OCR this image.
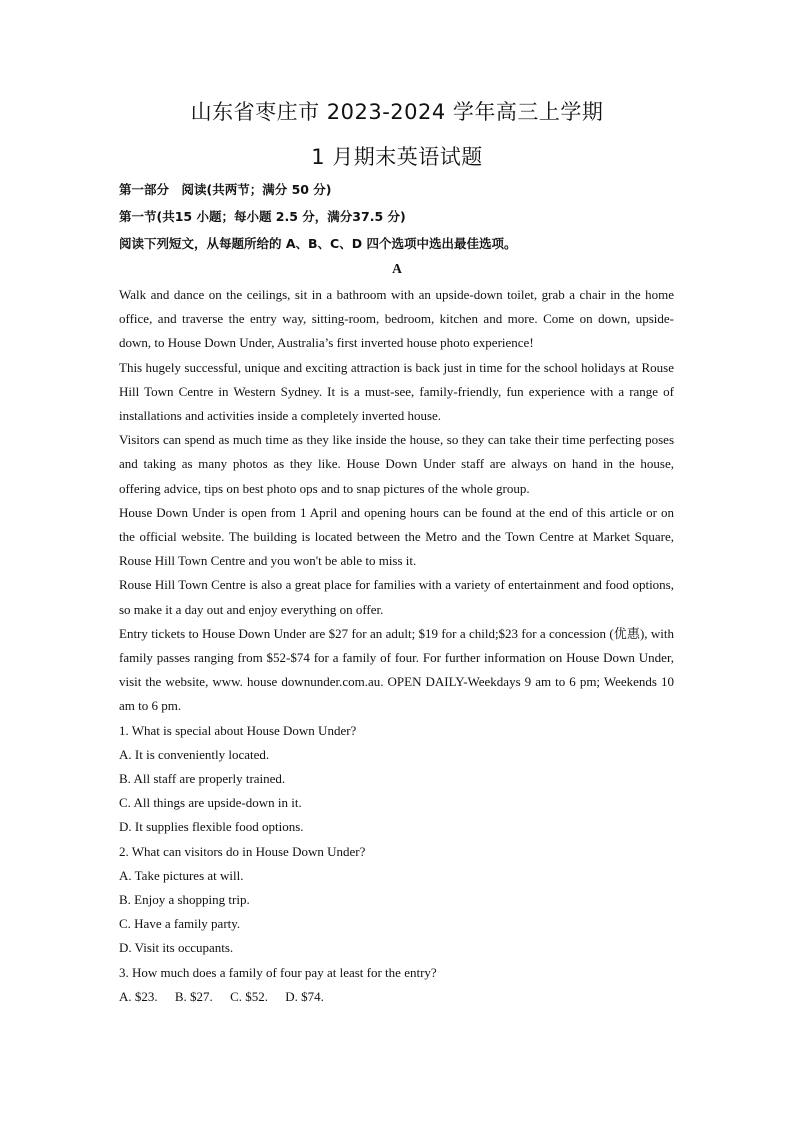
山东省枣庄市 2023-2024 学年高三上学期
1 月期末英语试题
第一部分　阅读(共两节；满分 50 分)
第一节(共15 小题；每小题 2.5 分，满分37.5 分)
阅读下列短文，从每题所给的 A、B、C、D 四个选项中选出最佳选项。
A

Walk and dance on the ceilings, sit in a bathroom with an upside-down toilet, grab a chair in the home office, and traverse the entry way, sitting-room, bedroom, kitchen and more. Come on down, upside-down, to House Down Under, Australia’s first inverted house photo experience!

This hugely successful, unique and exciting attraction is back just in time for the school holidays at Rouse Hill Town Centre in Western Sydney. It is a must-see, family-friendly, fun experience with a range of installations and activities inside a completely inverted house.

Visitors can spend as much time as they like inside the house, so they can take their time perfecting poses and taking as many photos as they like. House Down Under staff are always on hand in the house, offering advice, tips on best photo ops and to snap pictures of the whole group.

House Down Under is open from 1 April and opening hours can be found at the end of this article or on the official website. The building is located between the Metro and the Town Centre at Market Square, Rouse Hill Town Centre and you won't be able to miss it.

Rouse Hill Town Centre is also a great place for families with a variety of entertainment and food options, so make it a day out and enjoy everything on offer.

Entry tickets to House Down Under are $27 for an adult; $19 for a child;$23 for a concession (优惠), with family passes ranging from $52-$74 for a family of four. For further information on House Down Under, visit the website, www. house downunder.com.au. OPEN DAILY-Weekdays 9 am to 6 pm; Weekends 10 am to 6 pm.

1. What is special about House Down Under?

A. It is conveniently located.

B. All staff are properly trained.

C. All things are upside-down in it.

D. It supplies flexible food options.

2. What can visitors do in House Down Under?

A. Take pictures at will.

B. Enjoy a shopping trip.

C. Have a family party.

D. Visit its occupants.

3. How much does a family of four pay at least for the entry?

A. $23. B. $27. C. $52. D. $74.
